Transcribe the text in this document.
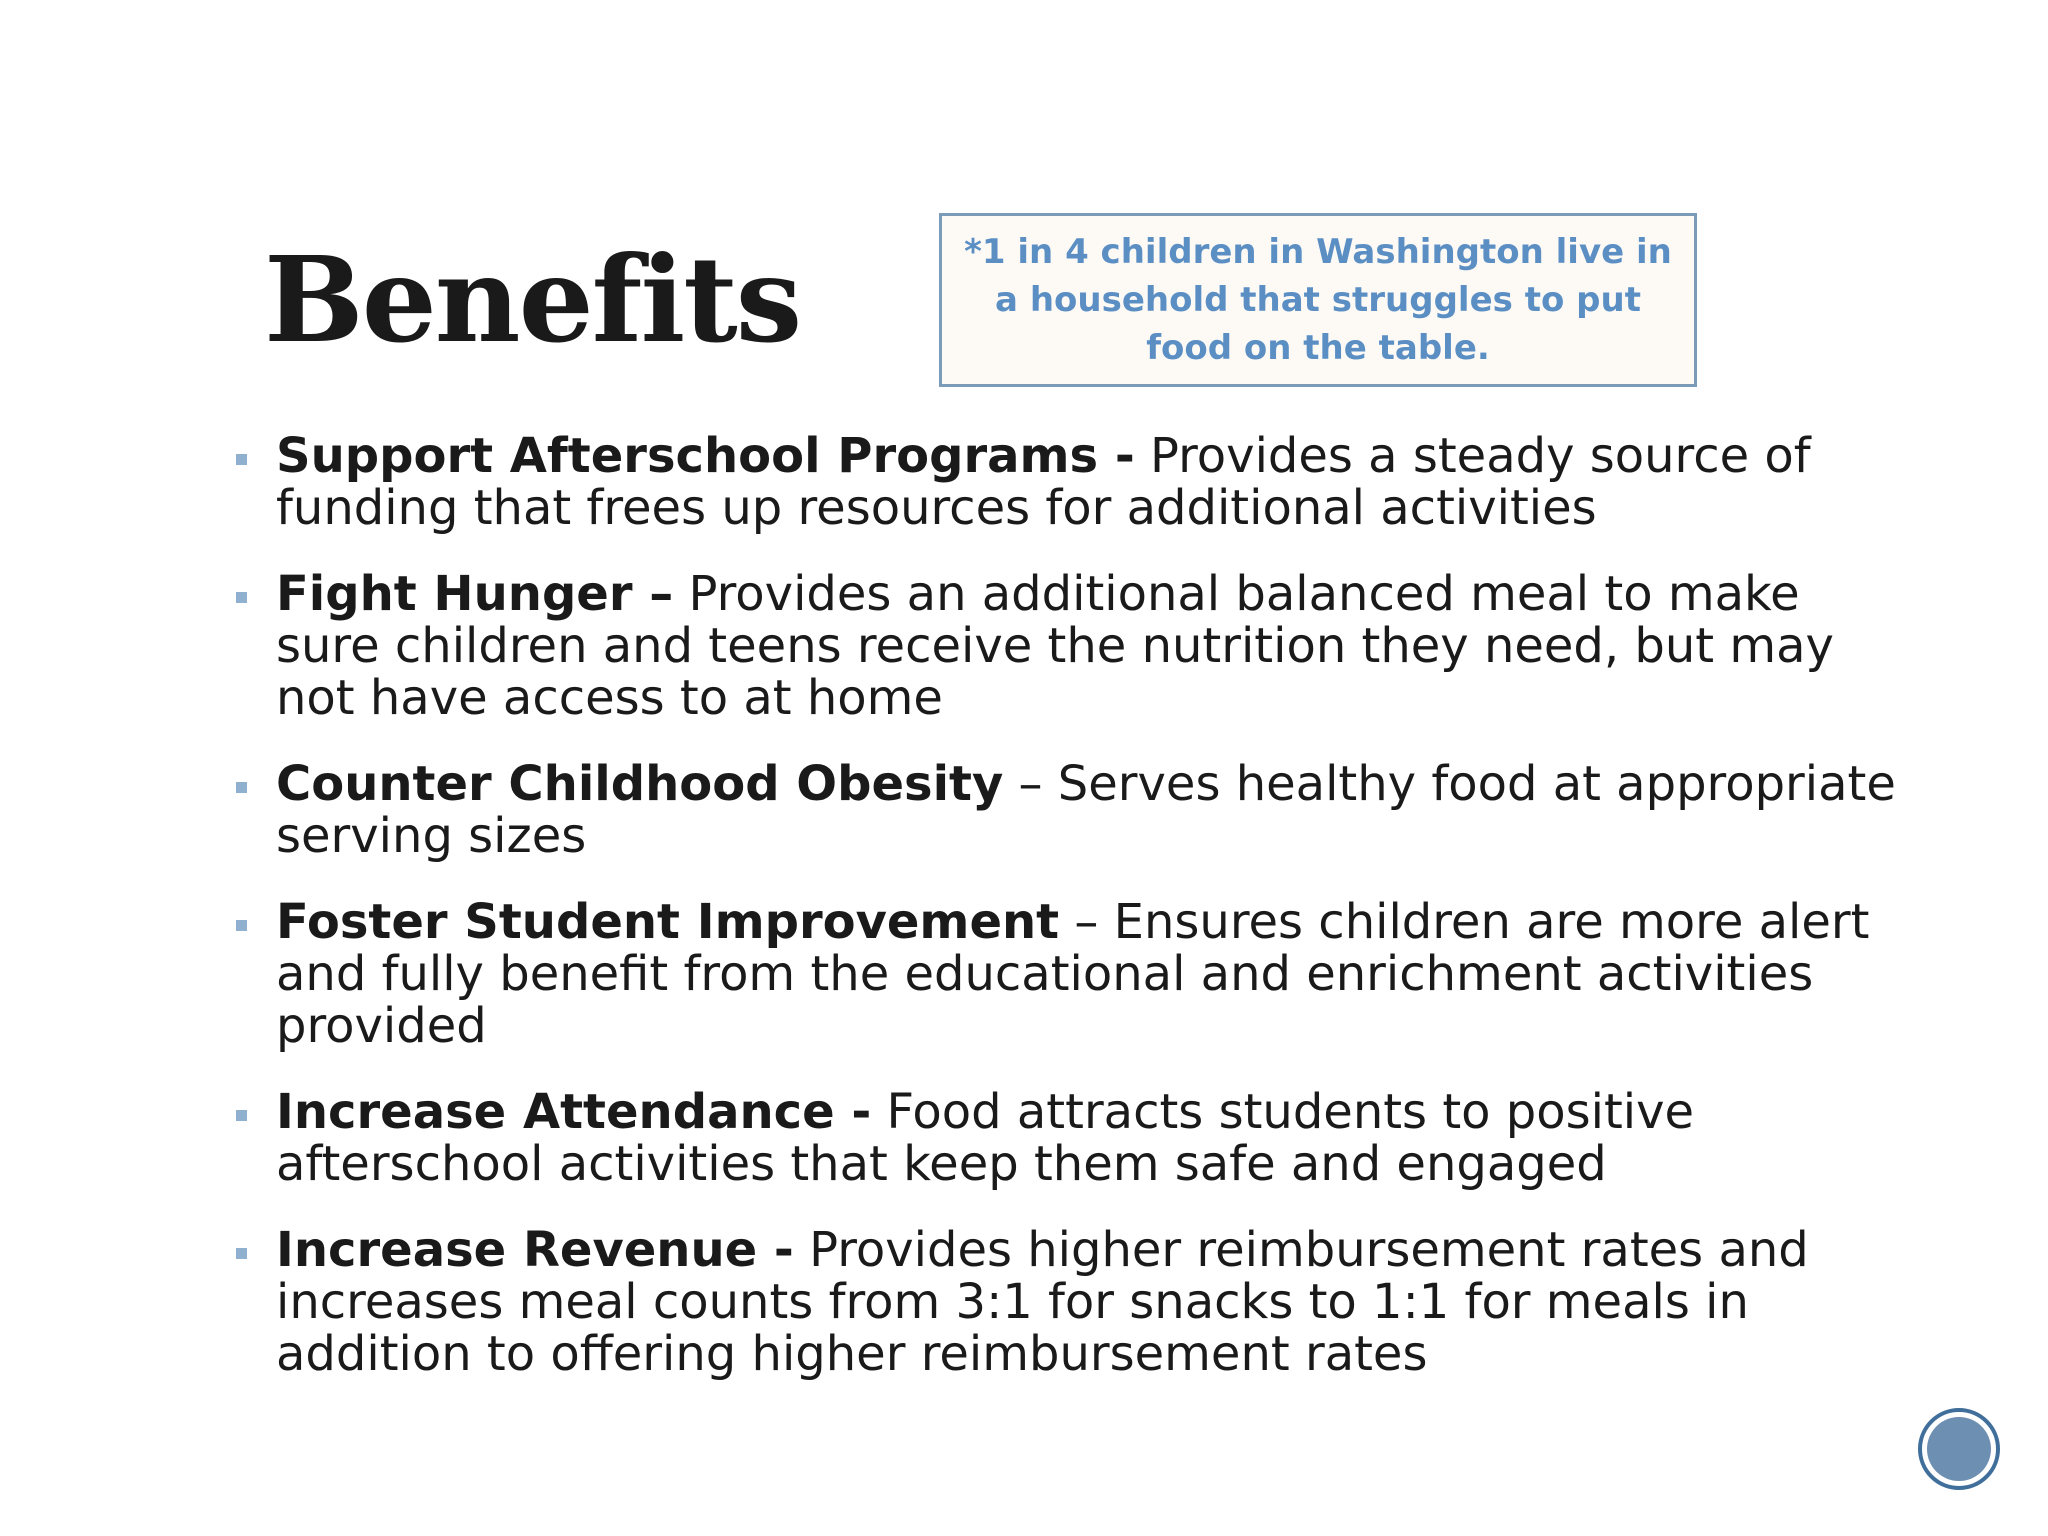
Benefits	*1 in 4 children in Washington live in a household that struggles to put food on the table.

Support Afterschool Programs - Provides a steady source of funding that frees up resources for additional activities
Fight Hunger – Provides an additional balanced meal to make sure children and teens receive the nutrition they need, but may not have access to at home
Counter Childhood Obesity – Serves healthy food at appropriate serving sizes
Foster Student Improvement – Ensures children are more alert and fully benefit from the educational and enrichment activities provided
Increase Attendance - Food attracts students to positive afterschool activities that keep them safe and engaged
Increase Revenue - Provides higher reimbursement rates and increases meal counts from 3:1 for snacks to 1:1 for meals in addition to offering higher reimbursement rates
